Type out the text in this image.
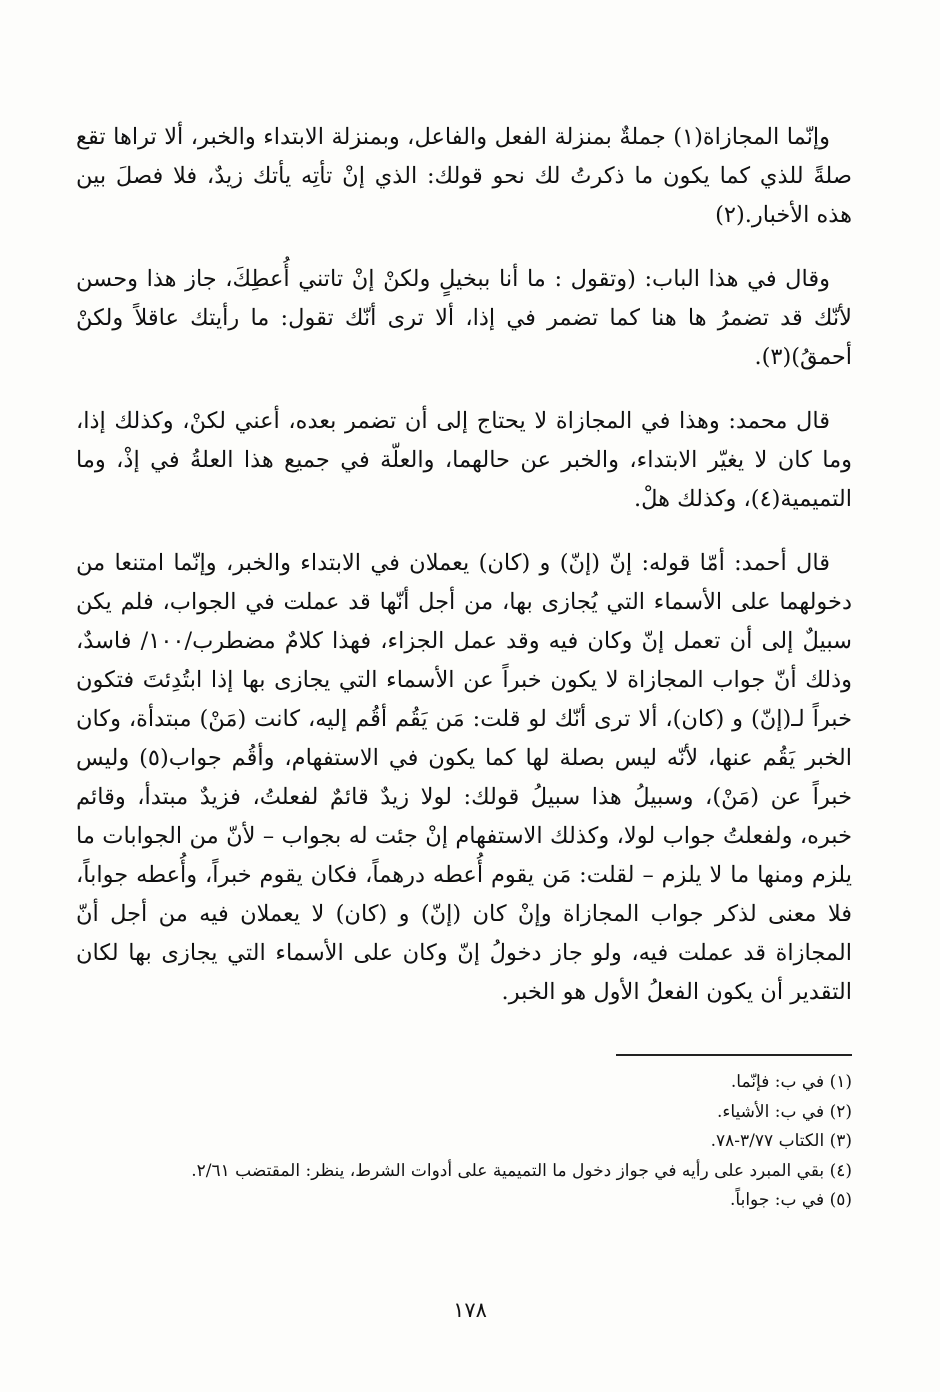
وإنّما المجازاة(١) جملةٌ بمنزلة الفعل والفاعل، وبمنزلة الابتداء والخبر، ألا تراها تقع صلةً للذي كما يكون ما ذكرتُ لك نحو قولك: الذي إنْ تأتِه يأتك زيدٌ، فلا فصلَ بين هذه الأخبار.(٢)

وقال في هذا الباب: (وتقول : ما أنا ببخيلٍ ولكنْ إنْ تاتني أُعطِكَ، جاز هذا وحسن لأنّك قد تضمرُ ها هنا كما تضمر في إذا، ألا ترى أنّك تقول: ما رأيتك عاقلاً ولكنْ أحمقُ)(٣).

قال محمد: وهذا في المجازاة لا يحتاج إلى أن تضمر بعده، أعني لكنْ، وكذلك إذا، وما كان لا يغيّر الابتداء، والخبر عن حالهما، والعلّة في جميع هذا العلةُ في إذْ، وما التميمية(٤)، وكذلك هلْ.

قال أحمد: أمّا قوله: إنّ (إنّ) و (كان) يعملان في الابتداء والخبر، وإنّما امتنعا من دخولهما على الأسماء التي يُجازى بها، من أجل أنّها قد عملت في الجواب، فلم يكن سبيلٌ إلى أن تعمل إنّ وكان فيه وقد عمل الجزاء، فهذا كلامٌ مضطرب/١٠٠/ فاسدٌ، وذلك أنّ جواب المجازاة لا يكون خبراً عن الأسماء التي يجازى بها إذا ابتُدِئتَ فتكون خبراً لـ(إنّ) و (كان)، ألا ترى أنّك لو قلت: مَن يَقُم أقُم إليه، كانت (مَنْ) مبتدأة، وكان الخبر يَقُم عنها، لأنّه ليس بصلة لها كما يكون في الاستفهام، وأقُم جواب(٥) وليس خبراً عن (مَنْ)، وسبيلُ هذا سبيلُ قولك: لولا زيدٌ قائمٌ لفعلتُ، فزيدٌ مبتدأ، وقائم خبره، ولفعلتُ جواب لولا، وكذلك الاستفهام إنْ جئت له بجواب – لأنّ من الجوابات ما يلزم ومنها ما لا يلزم – لقلت: مَن يقوم أُعطه درهماً، فكان يقوم خبراً، وأُعطه جواباً، فلا معنى لذكر جواب المجازاة وإنْ كان (إنّ) و (كان) لا يعملان فيه من أجل أنّ المجازاة قد عملت فيه، ولو جاز دخولُ إنّ وكان على الأسماء التي يجازى بها لكان التقدير أن يكون الفعلُ الأول هو الخبر.

(١) في ب: فإنّما.

(٢) في ب: الأشياء.

(٣) الكتاب ٣/٧٧-٧٨.

(٤) بقي المبرد على رأيه في جواز دخول ما التميمية على أدوات الشرط، ينظر: المقتضب ٢/٦١.

(٥) في ب: جواباً.

١٧٨
